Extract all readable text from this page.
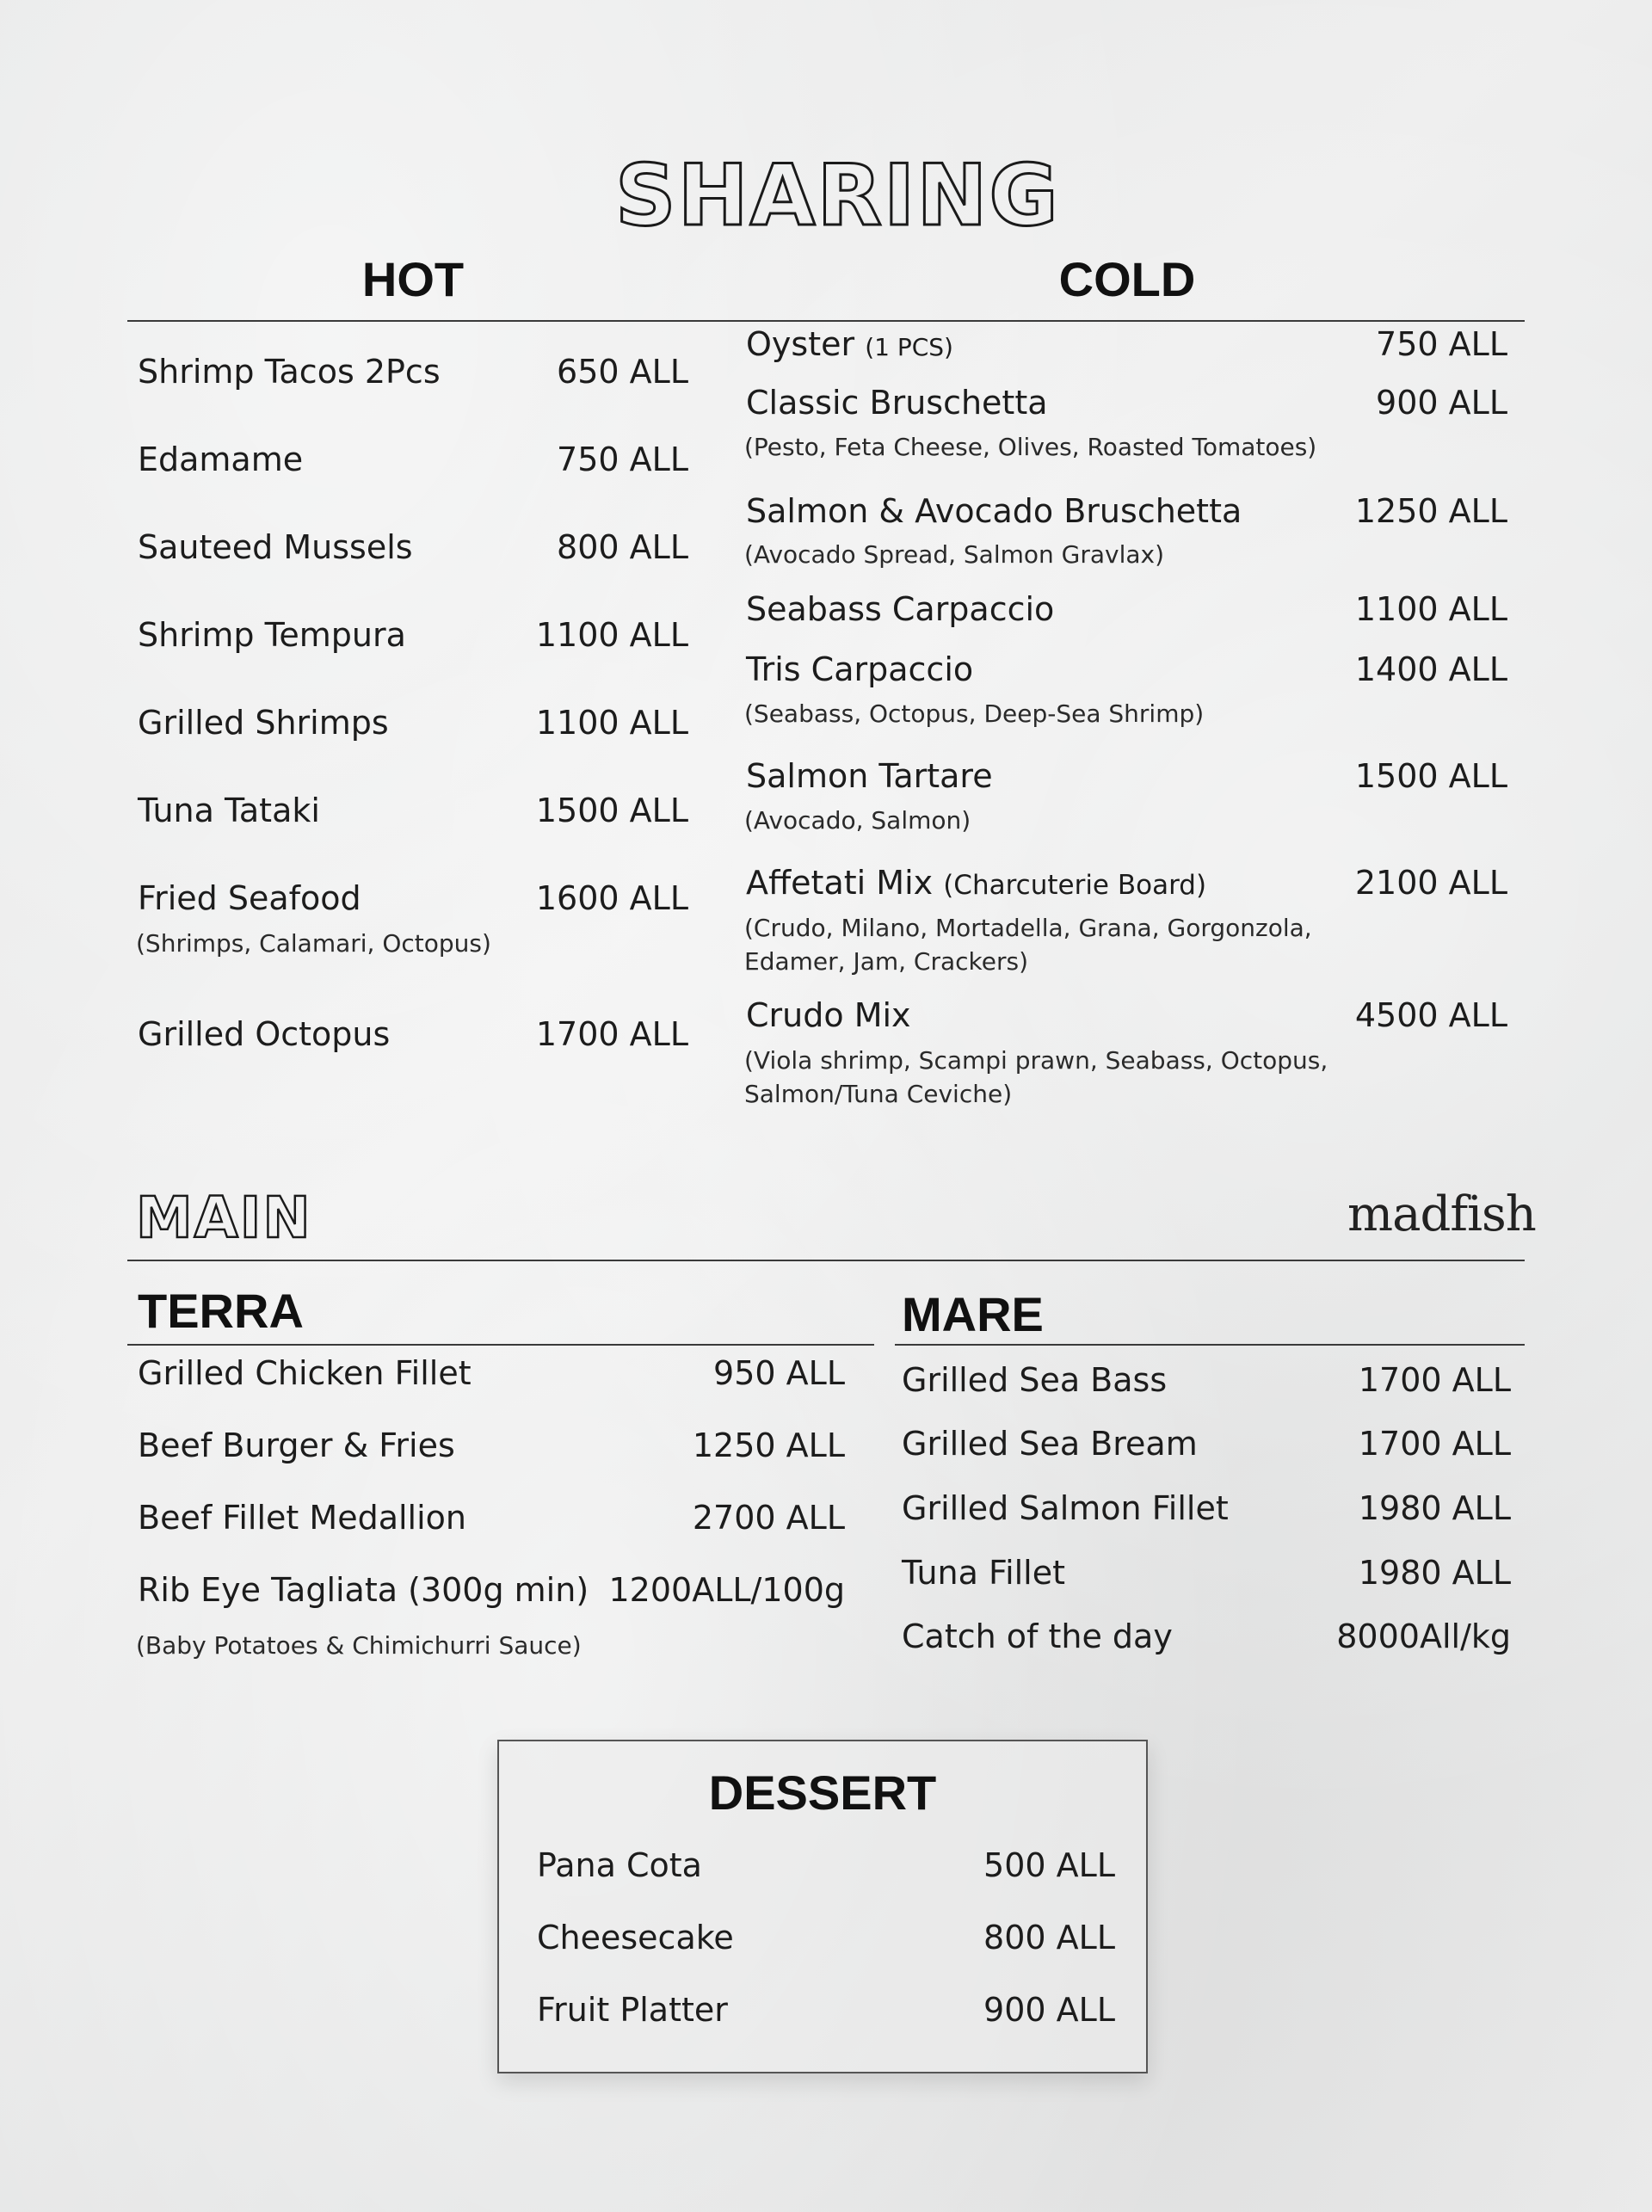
SHARING
HOT	COLD
Shrimp Tacos 2Pcs	650 ALL
Edamame	750 ALL
Sauteed Mussels	800 ALL
Shrimp Tempura	1100 ALL
Grilled Shrimps	1100 ALL
Tuna Tataki	1500 ALL
Fried Seafood	1600 ALL
(Shrimps, Calamari, Octopus)
Grilled Octopus	1700 ALL
Oyster (1 PCS)	750 ALL
Classic Bruschetta	900 ALL
(Pesto, Feta Cheese, Olives, Roasted Tomatoes)
Salmon & Avocado Bruschetta	1250 ALL
(Avocado Spread, Salmon Gravlax)
Seabass Carpaccio	1100 ALL
Tris Carpaccio	1400 ALL
(Seabass, Octopus, Deep-Sea Shrimp)
Salmon Tartare	1500 ALL
(Avocado, Salmon)
Affetati Mix (Charcuterie Board)	2100 ALL
(Crudo, Milano, Mortadella, Grana, Gorgonzola,
Edamer, Jam, Crackers)
Crudo Mix	4500 ALL
(Viola shrimp, Scampi prawn, Seabass, Octopus,
Salmon/Tuna Ceviche)
MAIN	madfish
TERRA
Grilled Chicken Fillet	950 ALL
Beef Burger & Fries	1250 ALL
Beef Fillet Medallion	2700 ALL
Rib Eye Tagliata (300g min) 1200ALL/100g
(Baby Potatoes & Chimichurri Sauce)
MARE
Grilled Sea Bass	1700 ALL
Grilled Sea Bream	1700 ALL
Grilled Salmon Fillet	1980 ALL
Tuna Fillet	1980 ALL
Catch of the day	8000All/kg
DESSERT
Pana Cota	500 ALL
Cheesecake	800 ALL
Fruit Platter	900 ALL
